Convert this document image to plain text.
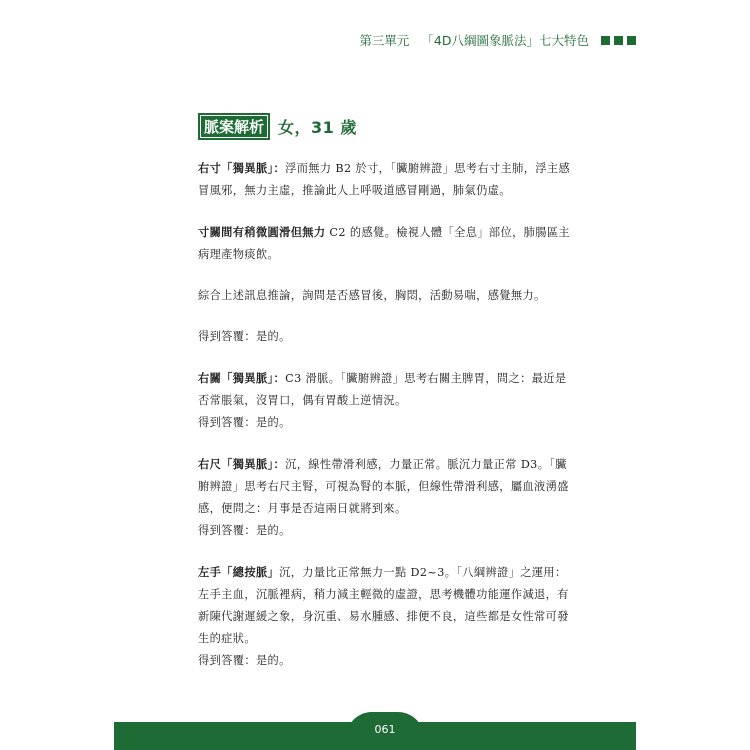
第三單元 「4D八綱圖象脈法」七大特色
脈案解析 女，31 歲

右寸「獨異脈」：浮而無力 B2 於寸，「臟腑辨證」思考右寸主肺，浮主感冒風邪，無力主虛，推論此人上呼吸道感冒剛過，肺氣仍虛。

寸關間有稍微圓滑但無力 C2 的感覺。檢視人體「全息」部位，肺腸區主病理產物痰飲。

綜合上述訊息推論，詢問是否感冒後，胸悶，活動易喘，感覺無力。

得到答覆：是的。

右關「獨異脈」：C3 滑脈。「臟腑辨證」思考右關主脾胃，問之：最近是否常脹氣，沒胃口，偶有胃酸上逆情況。
得到答覆：是的。

右尺「獨異脈」：沉，線性帶滑利感，力量正常。脈沉力量正常 D3。「臟腑辨證」思考右尺主腎，可視為腎的本脈，但線性帶滑利感，屬血液湧盛感，便問之：月事是否這兩日就將到來。
得到答覆：是的。

左手「總按脈」沉，力量比正常無力一點 D2~3。「八綱辨證」之運用：左手主血，沉脈裡病，稍力減主輕微的虛證，思考機體功能運作減退，有新陳代謝遲緩之象，身沉重、易水腫感、排便不良，這些都是女性常可發生的症狀。
得到答覆：是的。

061
